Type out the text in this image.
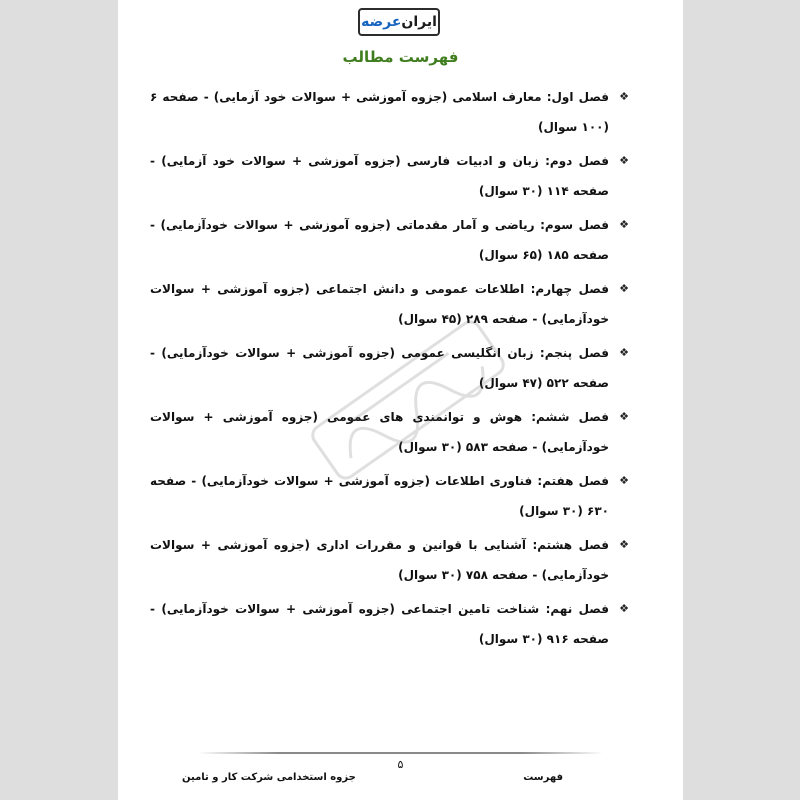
ایران
عرضه
فهرست مطالب
❖
فصل اول: معارف اسلامی (جزوه آموزشی + سوالات خود آزمایی) - صفحه ۶ (۱۰۰ سوال)
❖
فصل دوم: زبان و ادبیات فارسی (جزوه آموزشی + سوالات خود آزمایی) - صفحه ۱۱۴ (۳۰ سوال)
❖
فصل سوم: ریاضی و آمار مقدماتی (جزوه آموزشی + سوالات خودآزمایی) - صفحه ۱۸۵ (۶۵ سوال)
❖
فصل چهارم: اطلاعات عمومی و دانش اجتماعی (جزوه آموزشی + سوالات خودآزمایی) - صفحه ۲۸۹ (۴۵ سوال)
❖
فصل پنجم: زبان انگلیسی عمومی (جزوه آموزشی + سوالات خودآزمایی) - صفحه ۵۲۲ (۴۷ سوال)
❖
فصل ششم: هوش و توانمندی های عمومی (جزوه آموزشی + سوالات خودآزمایی) - صفحه ۵۸۳ (۳۰ سوال)
❖
فصل هفتم: فناوری اطلاعات (جزوه آموزشی + سوالات خودآزمایی) - صفحه ۶۳۰ (۳۰ سوال)
❖
فصل هشتم: آشنایی با قوانین و مقررات اداری (جزوه آموزشی + سوالات خودآزمایی) - صفحه ۷۵۸ (۳۰ سوال)
❖
فصل نهم: شناخت تامین اجتماعی (جزوه آموزشی + سوالات خودآزمایی) - صفحه ۹۱۶ (۳۰ سوال)
۵
جزوه استخدامی شرکت کار و تامین	فهرست
